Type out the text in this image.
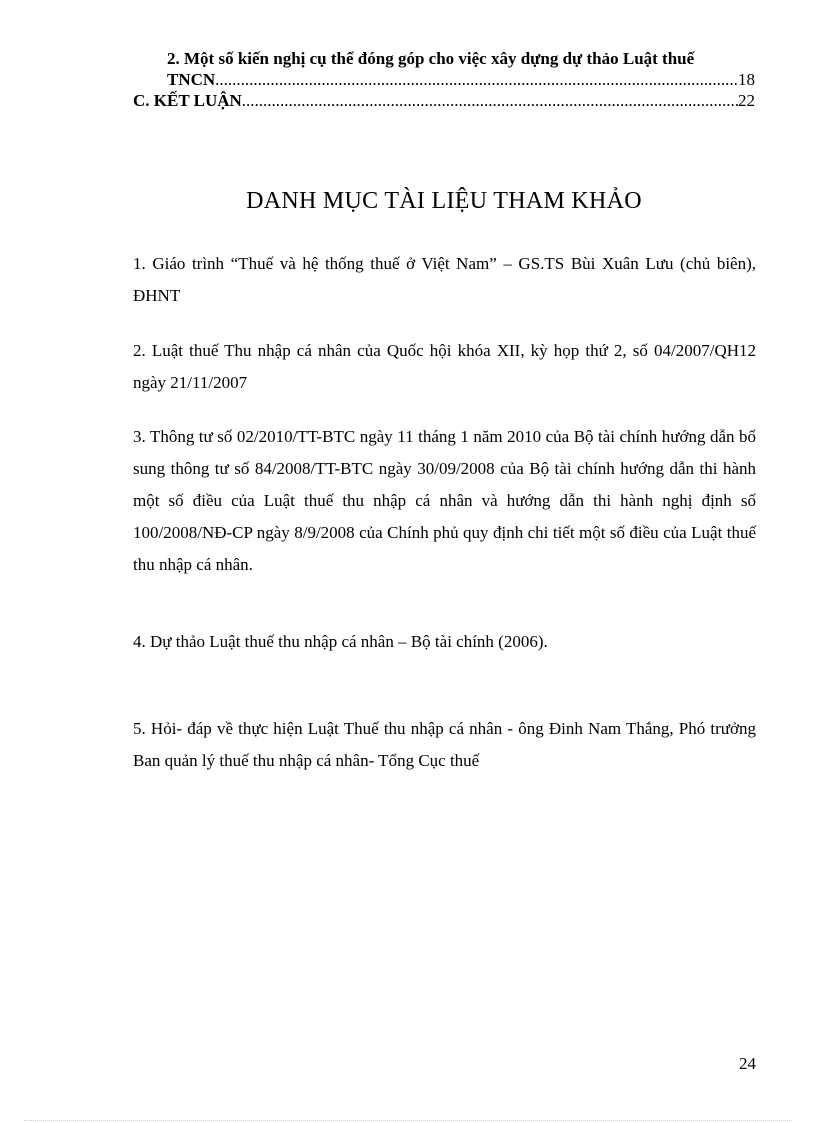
2. Một số kiến nghị cụ thể đóng góp cho việc xây dựng dự thảo Luật thuế
TNCN .....	18
C. KẾT LUẬN .....	22
DANH MỤC TÀI LIỆU THAM KHẢO
1. Giáo trình “Thuế và hệ thống thuế ở Việt Nam” – GS.TS Bùi Xuân Lưu (chủ biên), ĐHNT
2. Luật thuế Thu nhập cá nhân của Quốc hội khóa XII, kỳ họp thứ 2, số 04/2007/QH12 ngày 21/11/2007
3. Thông tư số 02/2010/TT-BTC ngày 11 tháng 1 năm 2010 của Bộ tài chính hướng dẫn bổ sung thông tư số 84/2008/TT-BTC ngày 30/09/2008 của Bộ tài chính hướng dẫn thi hành một số điều của Luật thuế thu nhập cá nhân và hướng dẫn thi hành nghị định số 100/2008/NĐ-CP ngày 8/9/2008 của Chính phủ quy định chi tiết một số điều của Luật thuế thu nhập cá nhân.
4. Dự thảo Luật thuế thu nhập cá nhân – Bộ tài chính (2006).
5. Hỏi- đáp về thực hiện Luật Thuế thu nhập cá nhân - ông Đinh Nam Thắng, Phó trưởng Ban quản lý thuế thu nhập cá nhân- Tổng Cục thuế
24
